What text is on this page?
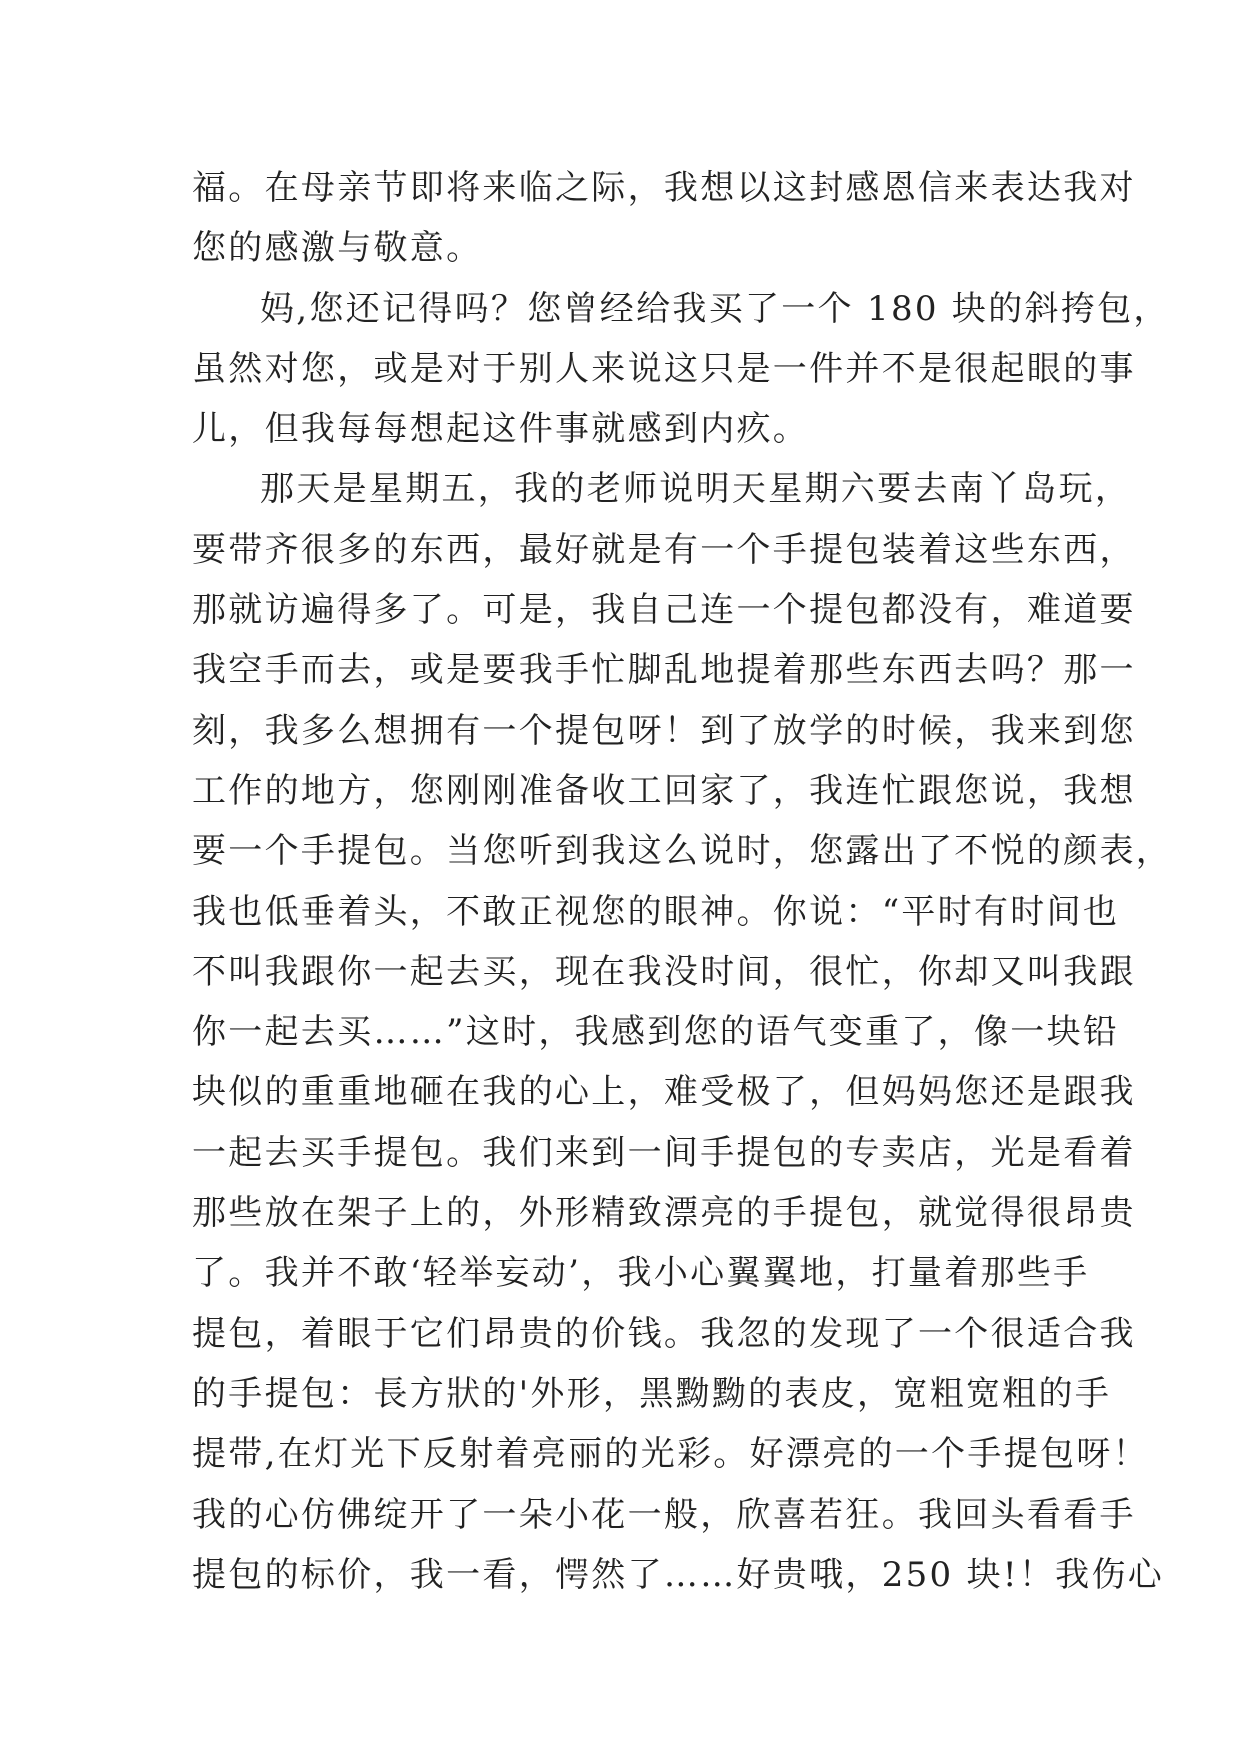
福。在母亲节即将来临之际，我想以这封感恩信来表达我对
您的感激与敬意。
妈,您还记得吗？您曾经给我买了一个 180 块的斜挎包，
虽然对您，或是对于别人来说这只是一件并不是很起眼的事
儿，但我每每想起这件事就感到内疚。
那天是星期五，我的老师说明天星期六要去南丫岛玩，
要带齐很多的东西，最好就是有一个手提包装着这些东西，
那就访遍得多了。可是，我自己连一个提包都没有，难道要
我空手而去，或是要我手忙脚乱地提着那些东西去吗？那一
刻，我多么想拥有一个提包呀！到了放学的时候，我来到您
工作的地方，您刚刚准备收工回家了，我连忙跟您说，我想
要一个手提包。当您听到我这么说时，您露出了不悦的颜表，
我也低垂着头，不敢正视您的眼神。你说：“平时有时间也
不叫我跟你一起去买，现在我没时间，很忙，你却又叫我跟
你一起去买……”这时，我感到您的语气变重了，像一块铅
块似的重重地砸在我的心上，难受极了，但妈妈您还是跟我
一起去买手提包。我们来到一间手提包的专卖店，光是看着
那些放在架子上的，外形精致漂亮的手提包，就觉得很昂贵
了。我并不敢‘轻举妄动’，我小心翼翼地，打量着那些手
提包，着眼于它们昂贵的价钱。我忽的发现了一个很适合我
的手提包：長方狀的'外形，黑黝黝的表皮，宽粗宽粗的手
提带,在灯光下反射着亮丽的光彩。好漂亮的一个手提包呀！
我的心仿佛绽开了一朵小花一般，欣喜若狂。我回头看看手
提包的标价，我一看，愕然了……好贵哦，250 块!！我伤心
